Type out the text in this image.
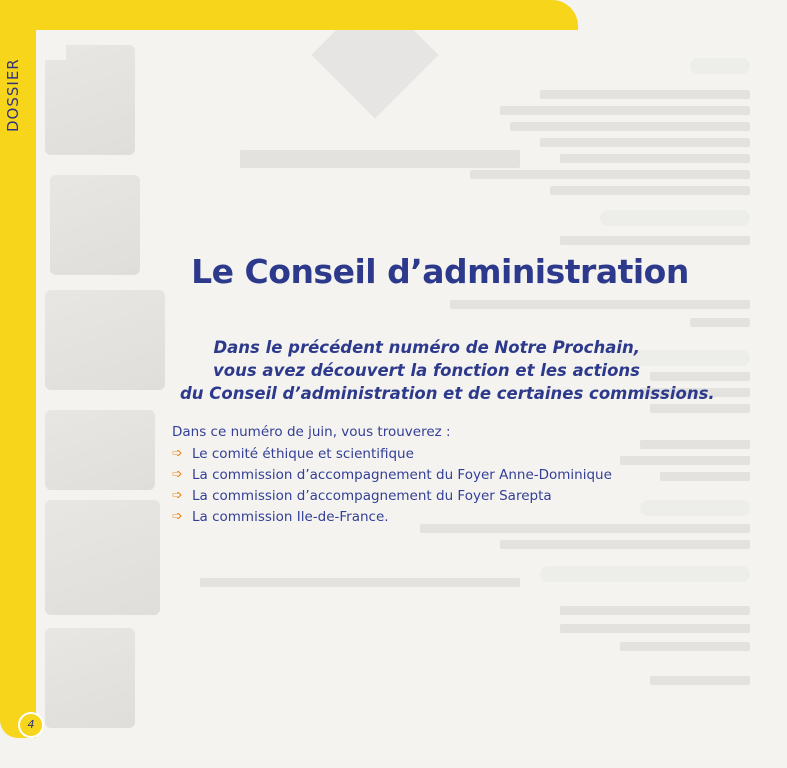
DOSSIER
4
Le Conseil d’administration
Dans le précédent numéro de Notre Prochain,
vous avez découvert la fonction et les actions
du Conseil d’administration et de certaines commissions.
Dans ce numéro de juin, vous trouverez :
➩ Le comité éthique et scientifique
➩ La commission d’accompagnement du Foyer Anne-Dominique
➩ La commission d’accompagnement du Foyer Sarepta
➩ La commission Ile-de-France.
